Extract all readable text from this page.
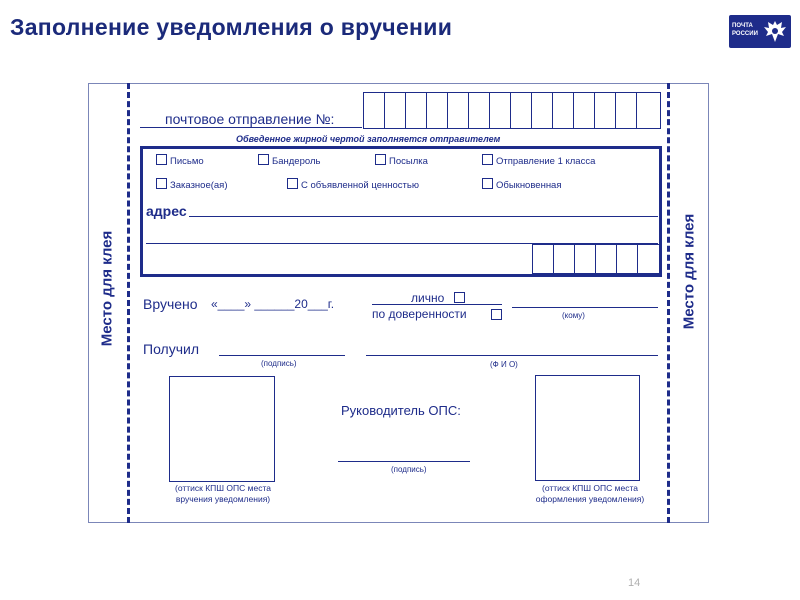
Заполнение уведомления о вручении	ПОЧТА
РОССИИ
Место для клея	Место для клея
почтовое отправление №:
Обведенное жирной чертой заполняется отправителем
Письмо	Бандероль	Посылка	Отправление 1 класса
Заказное(ая)	С объявленной ценностью	Обыкновенная
адрес
Вручено «____» ______20___г.	лично
по доверенности	(кому)
Получил
(подпись)	(Ф И О)
(оттиск КПШ ОПС места вручения уведомления)
(оттиск КПШ ОПС места оформления уведомления)
Руководитель ОПС:
(подпись)
14
